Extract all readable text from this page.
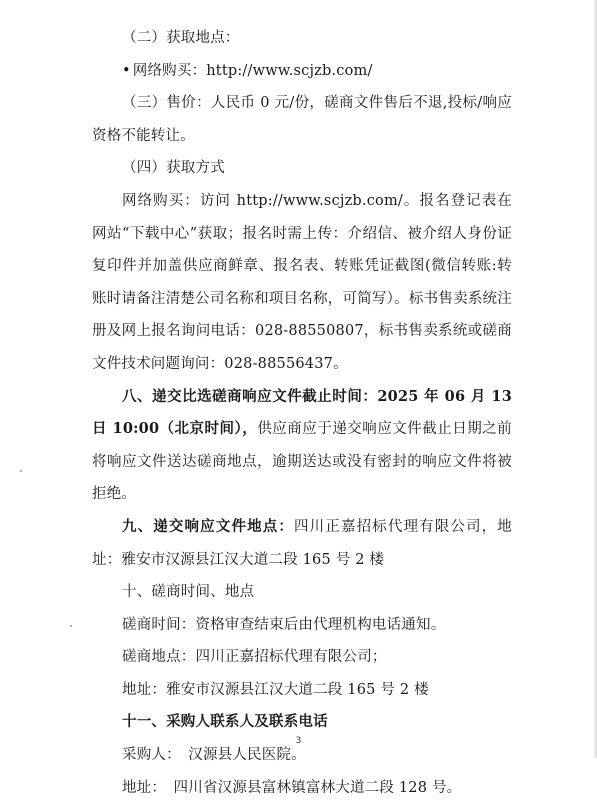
（二）获取地点：

• 网络购买：http://www.scjzb.com/

（三）售价：人民币 0 元/份，磋商文件售后不退,投标/响应资格不能转让。

（四）获取方式

网络购买：访问 http://www.scjzb.com/。报名登记表在网站“下载中心”获取；报名时需上传：介绍信、被介绍人身份证复印件并加盖供应商鲜章、报名表、转账凭证截图(微信转账:转账时请备注清楚公司名称和项目名称，可简写）。标书售卖系统注册及网上报名询问电话：028-88550807，标书售卖系统或磋商文件技术问题询问：028-88556437。

八、递交比选磋商响应文件截止时间：2025 年 06 月 13 日 10:00（北京时间），供应商应于递交响应文件截止日期之前将响应文件送达磋商地点，逾期送达或没有密封的响应文件将被拒绝。

九、递交响应文件地点：四川正嘉招标代理有限公司，地址：雅安市汉源县江汉大道二段 165 号 2 楼

十、磋商时间、地点

磋商时间：资格审查结束后由代理机构电话通知。

磋商地点：四川正嘉招标代理有限公司；

地址：雅安市汉源县江汉大道二段 165 号 2 楼

十一、采购人联系人及联系电话

采购人：　汉源县人民医院。

地址：　四川省汉源县富林镇富林大道二段 128 号。

3
